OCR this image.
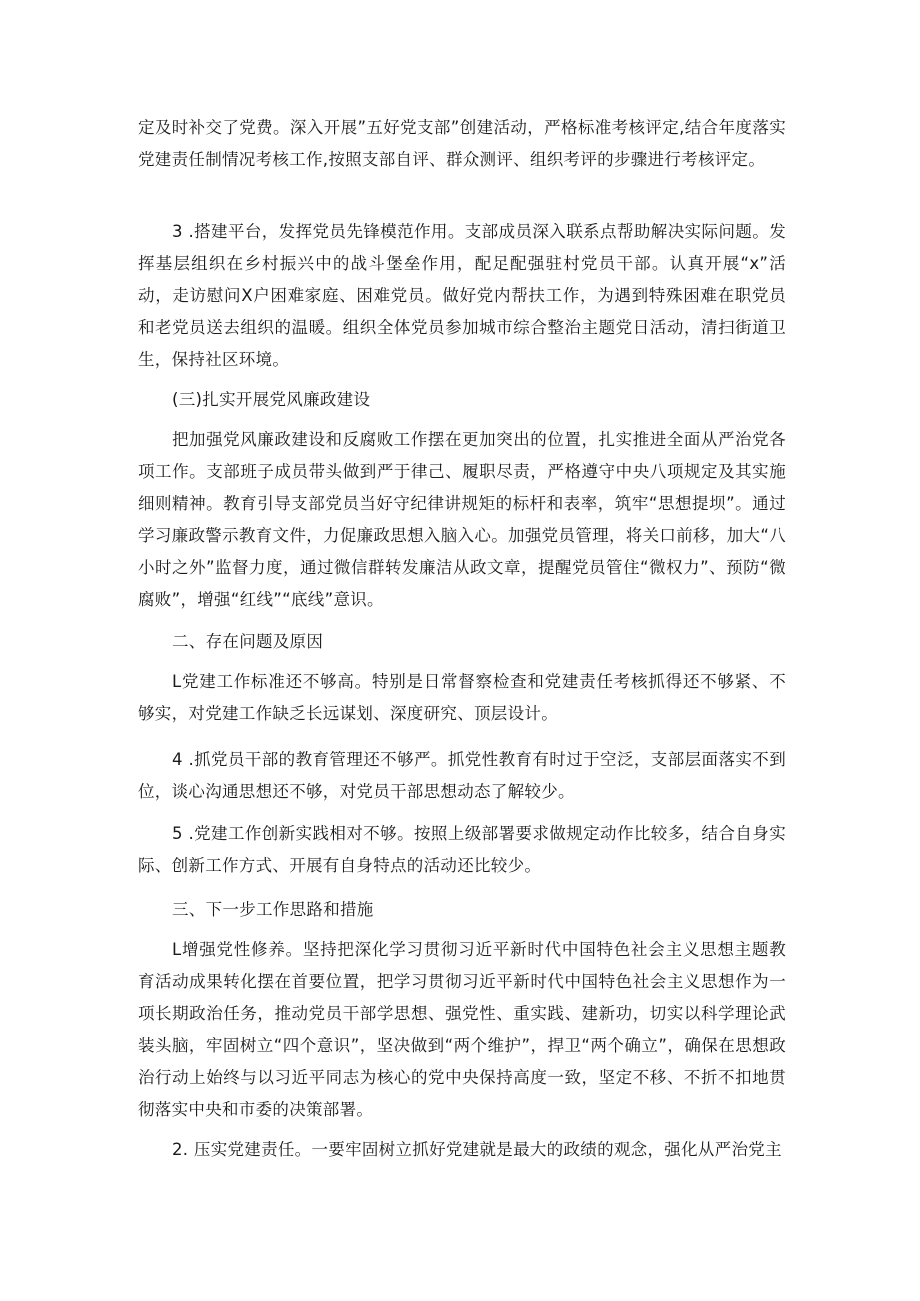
定及时补交了党费。深入开展”五好党支部”创建活动，严格标准考核评定,结合年度落实党建责任制情况考核工作,按照支部自评、群众测评、组织考评的步骤进行考核评定。

3 .搭建平台，发挥党员先锋模范作用。支部成员深入联系点帮助解决实际问题。发挥基层组织在乡村振兴中的战斗堡垒作用，配足配强驻村党员干部。认真开展“x”活动，走访慰问X户困难家庭、困难党员。做好党内帮扶工作，为遇到特殊困难在职党员和老党员送去组织的温暖。组织全体党员参加城市综合整治主题党日活动，清扫街道卫生，保持社区环境。

(三)扎实开展党风廉政建设

把加强党风廉政建设和反腐败工作摆在更加突出的位置，扎实推进全面从严治党各项工作。支部班子成员带头做到严于律己、履职尽责，严格遵守中央八项规定及其实施细则精神。教育引导支部党员当好守纪律讲规矩的标杆和表率，筑牢“思想提坝”。通过学习廉政警示教育文件，力促廉政思想入脑入心。加强党员管理，将关口前移，加大“八小时之外”监督力度，通过微信群转发廉洁从政文章，提醒党员管住“微权力”、预防“微腐败”，增强“红线”“底线”意识。

二、存在问题及原因

L党建工作标准还不够高。特别是日常督察检查和党建责任考核抓得还不够紧、不够实，对党建工作缺乏长远谋划、深度研究、顶层设计。

4 .抓党员干部的教育管理还不够严。抓党性教育有时过于空泛，支部层面落实不到位，谈心沟通思想还不够，对党员干部思想动态了解较少。

5 .党建工作创新实践相对不够。按照上级部署要求做规定动作比较多，结合自身实际、创新工作方式、开展有自身特点的活动还比较少。

三、下一步工作思路和措施

L增强党性修养。坚持把深化学习贯彻习近平新时代中国特色社会主义思想主题教育活动成果转化摆在首要位置，把学习贯彻习近平新时代中国特色社会主义思想作为一项长期政治任务，推动党员干部学思想、强党性、重实践、建新功，切实以科学理论武装头脑，牢固树立“四个意识”，坚决做到“两个维护”，捍卫“两个确立”，确保在思想政治行动上始终与以习近平同志为核心的党中央保持高度一致，坚定不移、不折不扣地贯彻落实中央和市委的决策部署。

2. 压实党建责任。一要牢固树立抓好党建就是最大的政绩的观念，强化从严治党主
